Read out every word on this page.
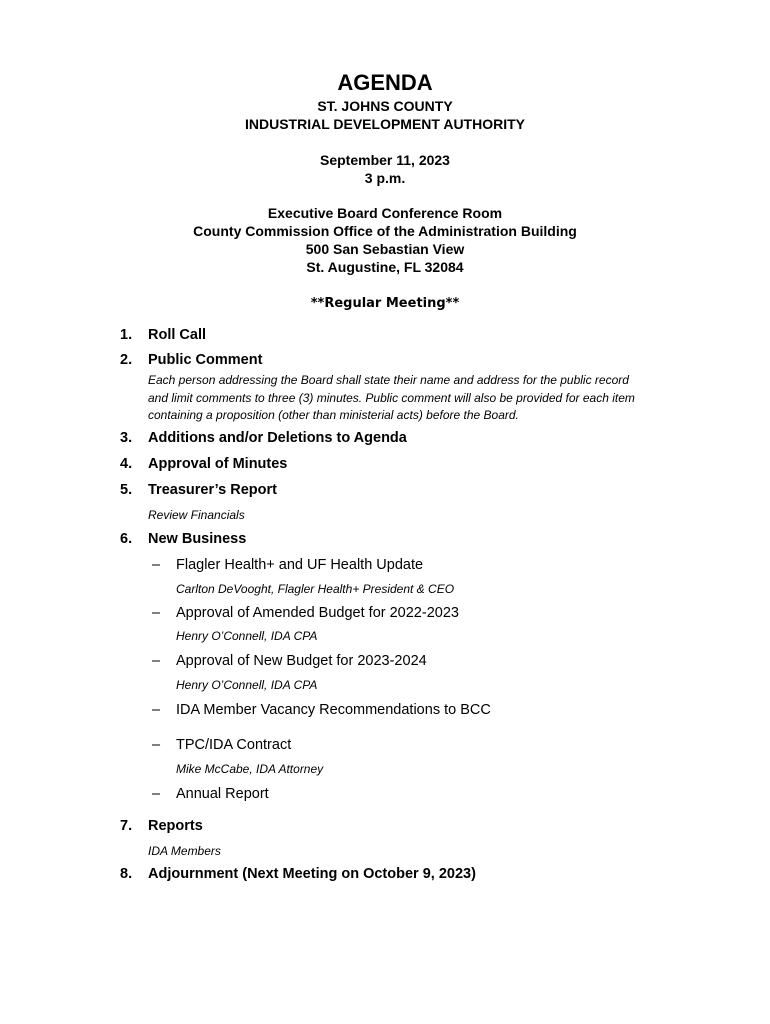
AGENDA
ST. JOHNS COUNTY
INDUSTRIAL DEVELOPMENT AUTHORITY
September 11, 2023
3 p.m.
Executive Board Conference Room
County Commission Office of the Administration Building
500 San Sebastian View
St. Augustine, FL 32084
**Regular Meeting**
1. Roll Call
2. Public Comment
Each person addressing the Board shall state their name and address for the public record
and limit comments to three (3) minutes. Public comment will also be provided for each item
containing a proposition (other than ministerial acts) before the Board.
3. Additions and/or Deletions to Agenda
4. Approval of Minutes
5. Treasurer’s Report
Review Financials
6. New Business
– Flagler Health+ and UF Health Update
Carlton DeVooght, Flagler Health+ President & CEO
– Approval of Amended Budget for 2022-2023
Henry O’Connell, IDA CPA
– Approval of New Budget for 2023-2024
Henry O’Connell, IDA CPA
– IDA Member Vacancy Recommendations to BCC
– TPC/IDA Contract
Mike McCabe, IDA Attorney
– Annual Report
7. Reports
IDA Members
8. Adjournment (Next Meeting on October 9, 2023)
